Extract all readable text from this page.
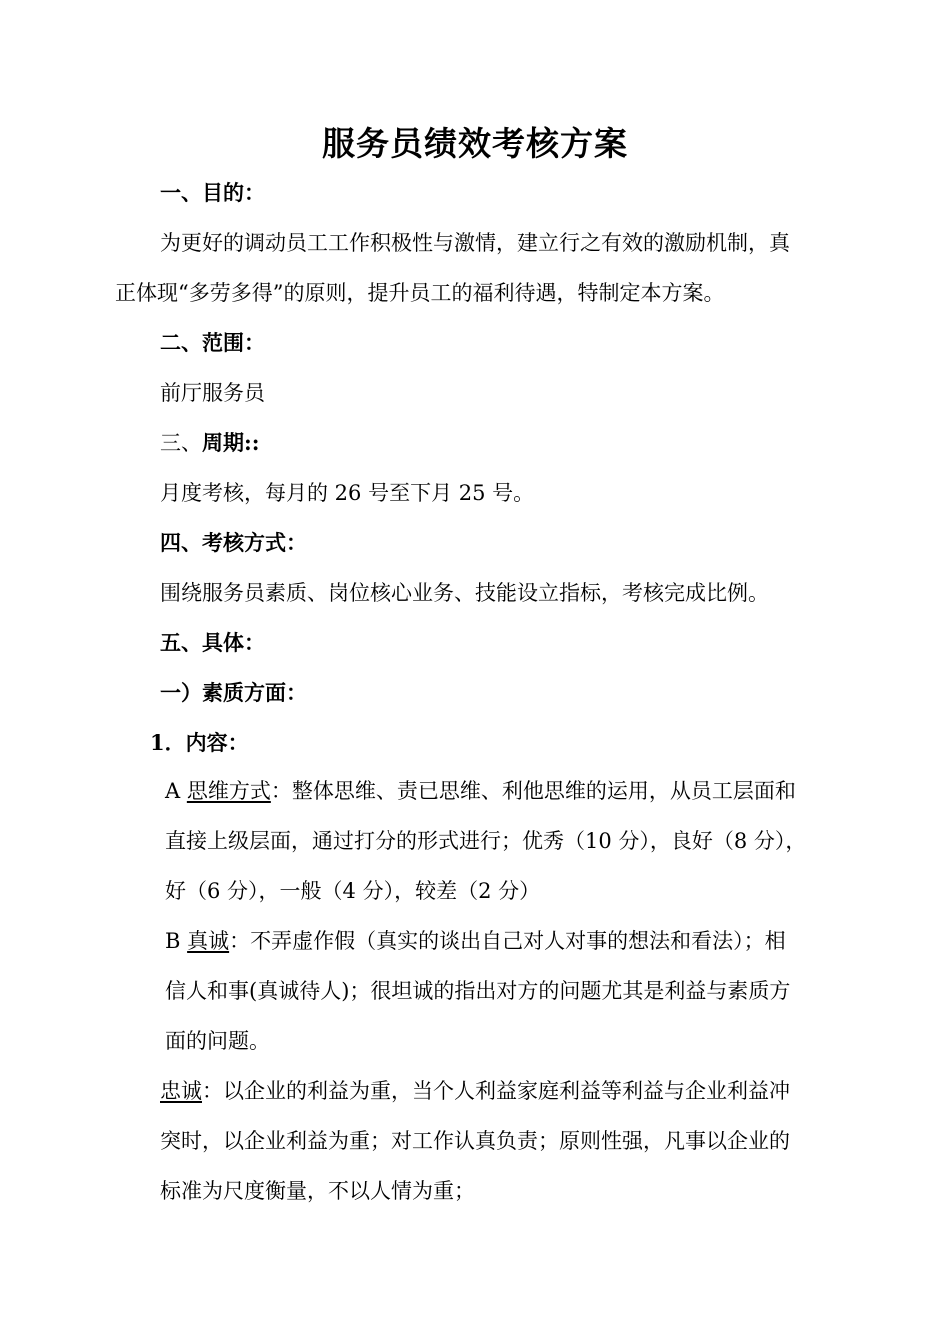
服务员绩效考核方案
一、目的：
为更好的调动员工工作积极性与激情，建立行之有效的激励机制，真
正体现“多劳多得”的原则，提升员工的福利待遇，特制定本方案。
二、范围：
前厅服务员
三、周期::
月度考核，每月的 26 号至下月 25 号。
四、考核方式：
围绕服务员素质、岗位核心业务、技能设立指标，考核完成比例。
五、具体：
一）素质方面：
1．内容：
A 思维方式：整体思维、责已思维、利他思维的运用，从员工层面和
直接上级层面，通过打分的形式进行；优秀（10 分），良好（8 分），
好（6 分），一般（4 分），较差（2 分）
B 真诚：不弄虚作假（真实的谈出自己对人对事的想法和看法）；相
信人和事(真诚待人)；很坦诚的指出对方的问题尤其是利益与素质方
面的问题。
忠诚：以企业的利益为重，当个人利益家庭利益等利益与企业利益冲
突时，以企业利益为重；对工作认真负责；原则性强，凡事以企业的
标准为尺度衡量，不以人情为重；
